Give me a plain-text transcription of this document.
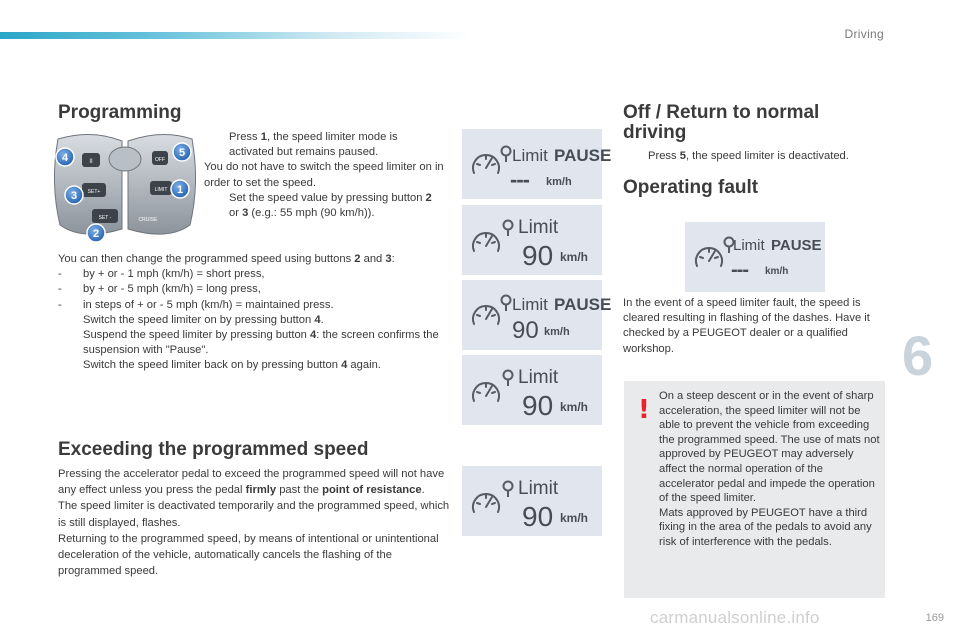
Driving
Programming
SET+
SET -
II
LIMIT
OFF
CRUISE
4	5
3	1
2
Press 1, the speed limiter mode is activated but remains paused.
You do not have to switch the speed limiter on in order to set the speed.
Set the speed value by pressing button 2 or 3 (e.g.: 55 mph (90 km/h)).
You can then change the programmed speed using buttons 2 and 3:
- by + or - 1 mph (km/h) = short press,
- by + or - 5 mph (km/h) = long press,
- in steps of + or - 5 mph (km/h) = maintained press.
Switch the speed limiter on by pressing button 4.
Suspend the speed limiter by pressing button 4: the screen confirms the suspension with "Pause".
Switch the speed limiter back on by pressing button 4 again.
Limit PAUSE
--- km/h
Limit
90 km/h
Limit PAUSE
90 km/h
Limit
90 km/h
Exceeding the programmed speed
Pressing the accelerator pedal to exceed the programmed speed will not have any effect unless you press the pedal firmly past the point of resistance.
The speed limiter is deactivated temporarily and the programmed speed, which is still displayed, flashes.
Returning to the programmed speed, by means of intentional or unintentional deceleration of the vehicle, automatically cancels the flashing of the programmed speed.
Limit
90 km/h
Off / Return to normal
driving
Press 5, the speed limiter is deactivated.
Operating fault
Limit PAUSE
--- km/h
In the event of a speed limiter fault, the speed is cleared resulting in flashing of the dashes. Have it checked by a PEUGEOT dealer or a qualified workshop.
! On a steep descent or in the event of sharp acceleration, the speed limiter will not be able to prevent the vehicle from exceeding the programmed speed. The use of mats not approved by PEUGEOT may adversely affect the normal operation of the accelerator pedal and impede the operation of the speed limiter.
Mats approved by PEUGEOT have a third fixing in the area of the pedals to avoid any risk of interference with the pedals.
6
carmanualsonline.info	169
